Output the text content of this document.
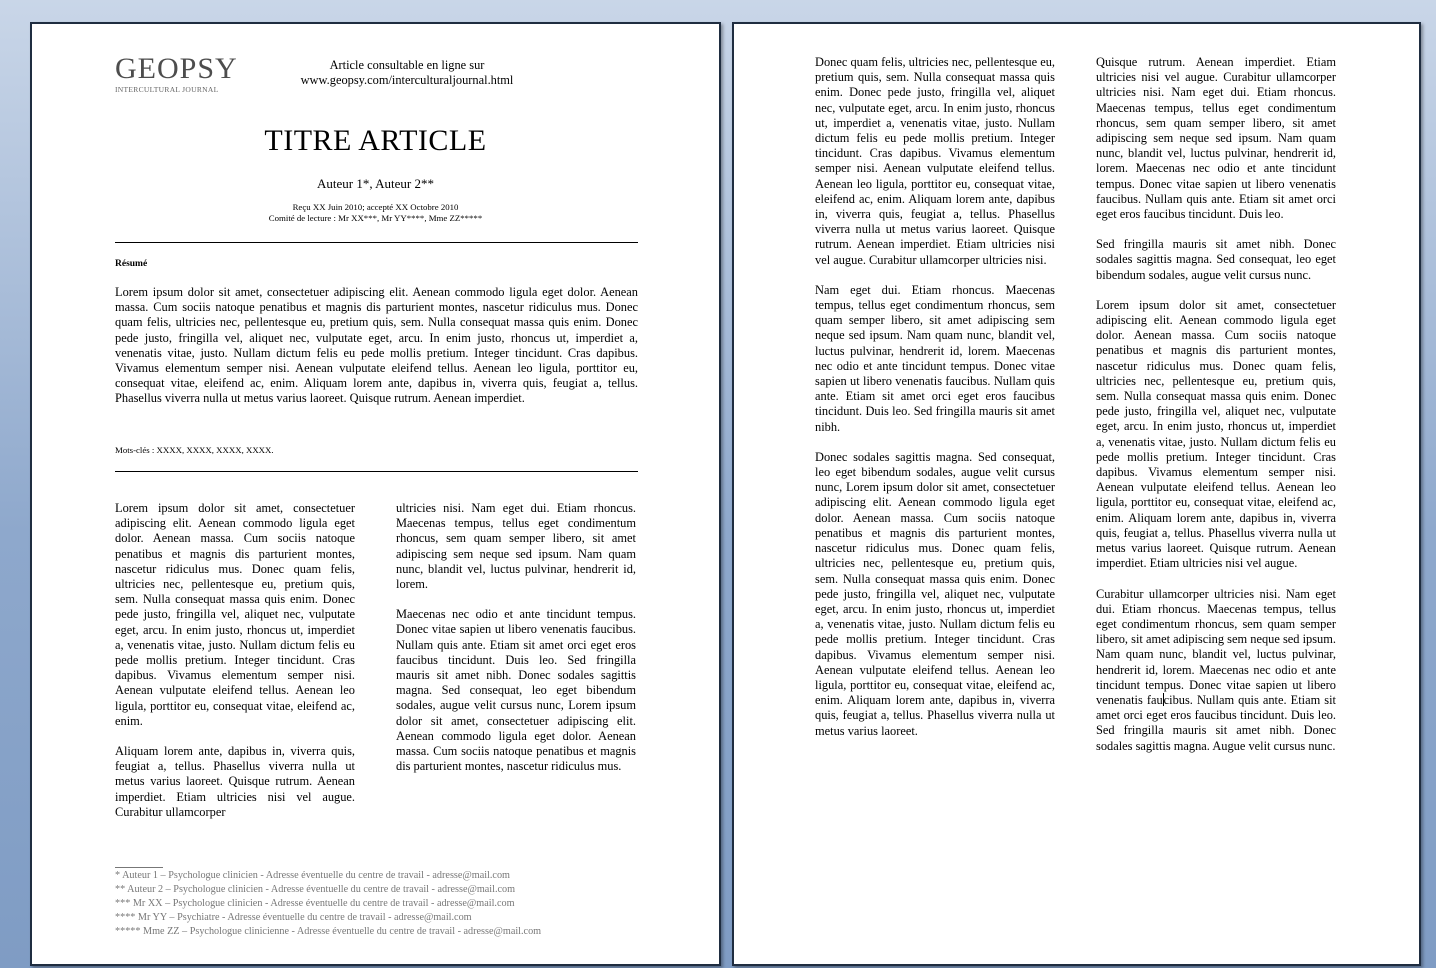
GEOPSY
INTERCULTURAL JOURNAL
Article consultable en ligne sur
www.geopsy.com/interculturaljournal.html
TITRE ARTICLE
Auteur 1*, Auteur 2**
Reçu XX Juin 2010; accepté XX Octobre 2010
Comité de lecture : Mr XX***, Mr YY****, Mme ZZ*****
Résumé

Lorem ipsum dolor sit amet, consectetuer adipiscing elit. Aenean commodo ligula eget dolor. Aenean massa. Cum sociis natoque penatibus et magnis dis parturient montes, nascetur ridiculus mus. Donec quam felis, ultricies nec, pellentesque eu, pretium quis, sem. Nulla consequat massa quis enim. Donec pede justo, fringilla vel, aliquet nec, vulputate eget, arcu. In enim justo, rhoncus ut, imperdiet a, venenatis vitae, justo. Nullam dictum felis eu pede mollis pretium. Integer tincidunt. Cras dapibus. Vivamus elementum semper nisi. Aenean vulputate eleifend tellus. Aenean leo ligula, porttitor eu, consequat vitae, eleifend ac, enim. Aliquam lorem ante, dapibus in, viverra quis, feugiat a, tellus. Phasellus viverra nulla ut metus varius laoreet. Quisque rutrum. Aenean imperdiet.

Mots-clés : XXXX, XXXX, XXXX, XXXX.

Lorem ipsum dolor sit amet, consectetuer adipiscing elit. Aenean commodo ligula eget dolor. Aenean massa. Cum sociis natoque penatibus et magnis dis parturient montes, nascetur ridiculus mus. Donec quam felis, ultricies nec, pellentesque eu, pretium quis, sem. Nulla consequat massa quis enim. Donec pede justo, fringilla vel, aliquet nec, vulputate eget, arcu. In enim justo, rhoncus ut, imperdiet a, venenatis vitae, justo. Nullam dictum felis eu pede mollis pretium. Integer tincidunt. Cras dapibus. Vivamus elementum semper nisi. Aenean vulputate eleifend tellus. Aenean leo ligula, porttitor eu, consequat vitae, eleifend ac, enim.

Aliquam lorem ante, dapibus in, viverra quis, feugiat a, tellus. Phasellus viverra nulla ut metus varius laoreet. Quisque rutrum. Aenean imperdiet. Etiam ultricies nisi vel augue. Curabitur ullamcorper

ultricies nisi. Nam eget dui. Etiam rhoncus. Maecenas tempus, tellus eget condimentum rhoncus, sem quam semper libero, sit amet adipiscing sem neque sed ipsum. Nam quam nunc, blandit vel, luctus pulvinar, hendrerit id, lorem.

Maecenas nec odio et ante tincidunt tempus. Donec vitae sapien ut libero venenatis faucibus. Nullam quis ante. Etiam sit amet orci eget eros faucibus tincidunt. Duis leo. Sed fringilla mauris sit amet nibh. Donec sodales sagittis magna. Sed consequat, leo eget bibendum sodales, augue velit cursus nunc, Lorem ipsum dolor sit amet, consectetuer adipiscing elit. Aenean commodo ligula eget dolor. Aenean massa. Cum sociis natoque penatibus et magnis dis parturient montes, nascetur ridiculus mus.

* Auteur 1 – Psychologue clinicien - Adresse éventuelle du centre de travail - adresse@mail.com
** Auteur 2 – Psychologue clinicien - Adresse éventuelle du centre de travail - adresse@mail.com
*** Mr XX – Psychologue clinicien - Adresse éventuelle du centre de travail - adresse@mail.com
**** Mr YY – Psychiatre - Adresse éventuelle du centre de travail - adresse@mail.com
***** Mme ZZ – Psychologue clinicienne - Adresse éventuelle du centre de travail - adresse@mail.com

Donec quam felis, ultricies nec, pellentesque eu, pretium quis, sem. Nulla consequat massa quis enim. Donec pede justo, fringilla vel, aliquet nec, vulputate eget, arcu. In enim justo, rhoncus ut, imperdiet a, venenatis vitae, justo. Nullam dictum felis eu pede mollis pretium. Integer tincidunt. Cras dapibus. Vivamus elementum semper nisi. Aenean vulputate eleifend tellus. Aenean leo ligula, porttitor eu, consequat vitae, eleifend ac, enim. Aliquam lorem ante, dapibus in, viverra quis, feugiat a, tellus. Phasellus viverra nulla ut metus varius laoreet. Quisque rutrum. Aenean imperdiet. Etiam ultricies nisi vel augue. Curabitur ullamcorper ultricies nisi.

Nam eget dui. Etiam rhoncus. Maecenas tempus, tellus eget condimentum rhoncus, sem quam semper libero, sit amet adipiscing sem neque sed ipsum. Nam quam nunc, blandit vel, luctus pulvinar, hendrerit id, lorem. Maecenas nec odio et ante tincidunt tempus. Donec vitae sapien ut libero venenatis faucibus. Nullam quis ante. Etiam sit amet orci eget eros faucibus tincidunt. Duis leo. Sed fringilla mauris sit amet nibh.

Donec sodales sagittis magna. Sed consequat, leo eget bibendum sodales, augue velit cursus nunc, Lorem ipsum dolor sit amet, consectetuer adipiscing elit. Aenean commodo ligula eget dolor. Aenean massa. Cum sociis natoque penatibus et magnis dis parturient montes, nascetur ridiculus mus. Donec quam felis, ultricies nec, pellentesque eu, pretium quis, sem. Nulla consequat massa quis enim. Donec pede justo, fringilla vel, aliquet nec, vulputate eget, arcu. In enim justo, rhoncus ut, imperdiet a, venenatis vitae, justo. Nullam dictum felis eu pede mollis pretium. Integer tincidunt. Cras dapibus. Vivamus elementum semper nisi. Aenean vulputate eleifend tellus. Aenean leo ligula, porttitor eu, consequat vitae, eleifend ac, enim. Aliquam lorem ante, dapibus in, viverra quis, feugiat a, tellus. Phasellus viverra nulla ut metus varius laoreet.

Quisque rutrum. Aenean imperdiet. Etiam ultricies nisi vel augue. Curabitur ullamcorper ultricies nisi. Nam eget dui. Etiam rhoncus. Maecenas tempus, tellus eget condimentum rhoncus, sem quam semper libero, sit amet adipiscing sem neque sed ipsum. Nam quam nunc, blandit vel, luctus pulvinar, hendrerit id, lorem. Maecenas nec odio et ante tincidunt tempus. Donec vitae sapien ut libero venenatis faucibus. Nullam quis ante. Etiam sit amet orci eget eros faucibus tincidunt. Duis leo.

Sed fringilla mauris sit amet nibh. Donec sodales sagittis magna. Sed consequat, leo eget bibendum sodales, augue velit cursus nunc.

Lorem ipsum dolor sit amet, consectetuer adipiscing elit. Aenean commodo ligula eget dolor. Aenean massa. Cum sociis natoque penatibus et magnis dis parturient montes, nascetur ridiculus mus. Donec quam felis, ultricies nec, pellentesque eu, pretium quis, sem. Nulla consequat massa quis enim. Donec pede justo, fringilla vel, aliquet nec, vulputate eget, arcu. In enim justo, rhoncus ut, imperdiet a, venenatis vitae, justo. Nullam dictum felis eu pede mollis pretium. Integer tincidunt. Cras dapibus. Vivamus elementum semper nisi. Aenean vulputate eleifend tellus. Aenean leo ligula, porttitor eu, consequat vitae, eleifend ac, enim. Aliquam lorem ante, dapibus in, viverra quis, feugiat a, tellus. Phasellus viverra nulla ut metus varius laoreet. Quisque rutrum. Aenean imperdiet. Etiam ultricies nisi vel augue.

Curabitur ullamcorper ultricies nisi. Nam eget dui. Etiam rhoncus. Maecenas tempus, tellus eget condimentum rhoncus, sem quam semper libero, sit amet adipiscing sem neque sed ipsum. Nam quam nunc, blandit vel, luctus pulvinar, hendrerit id, lorem. Maecenas nec odio et ante tincidunt tempus. Donec vitae sapien ut libero venenatis faucibus. Nullam quis ante. Etiam sit amet orci eget eros faucibus tincidunt. Duis leo. Sed fringilla mauris sit amet nibh. Donec sodales sagittis magna. Augue velit cursus nunc.
